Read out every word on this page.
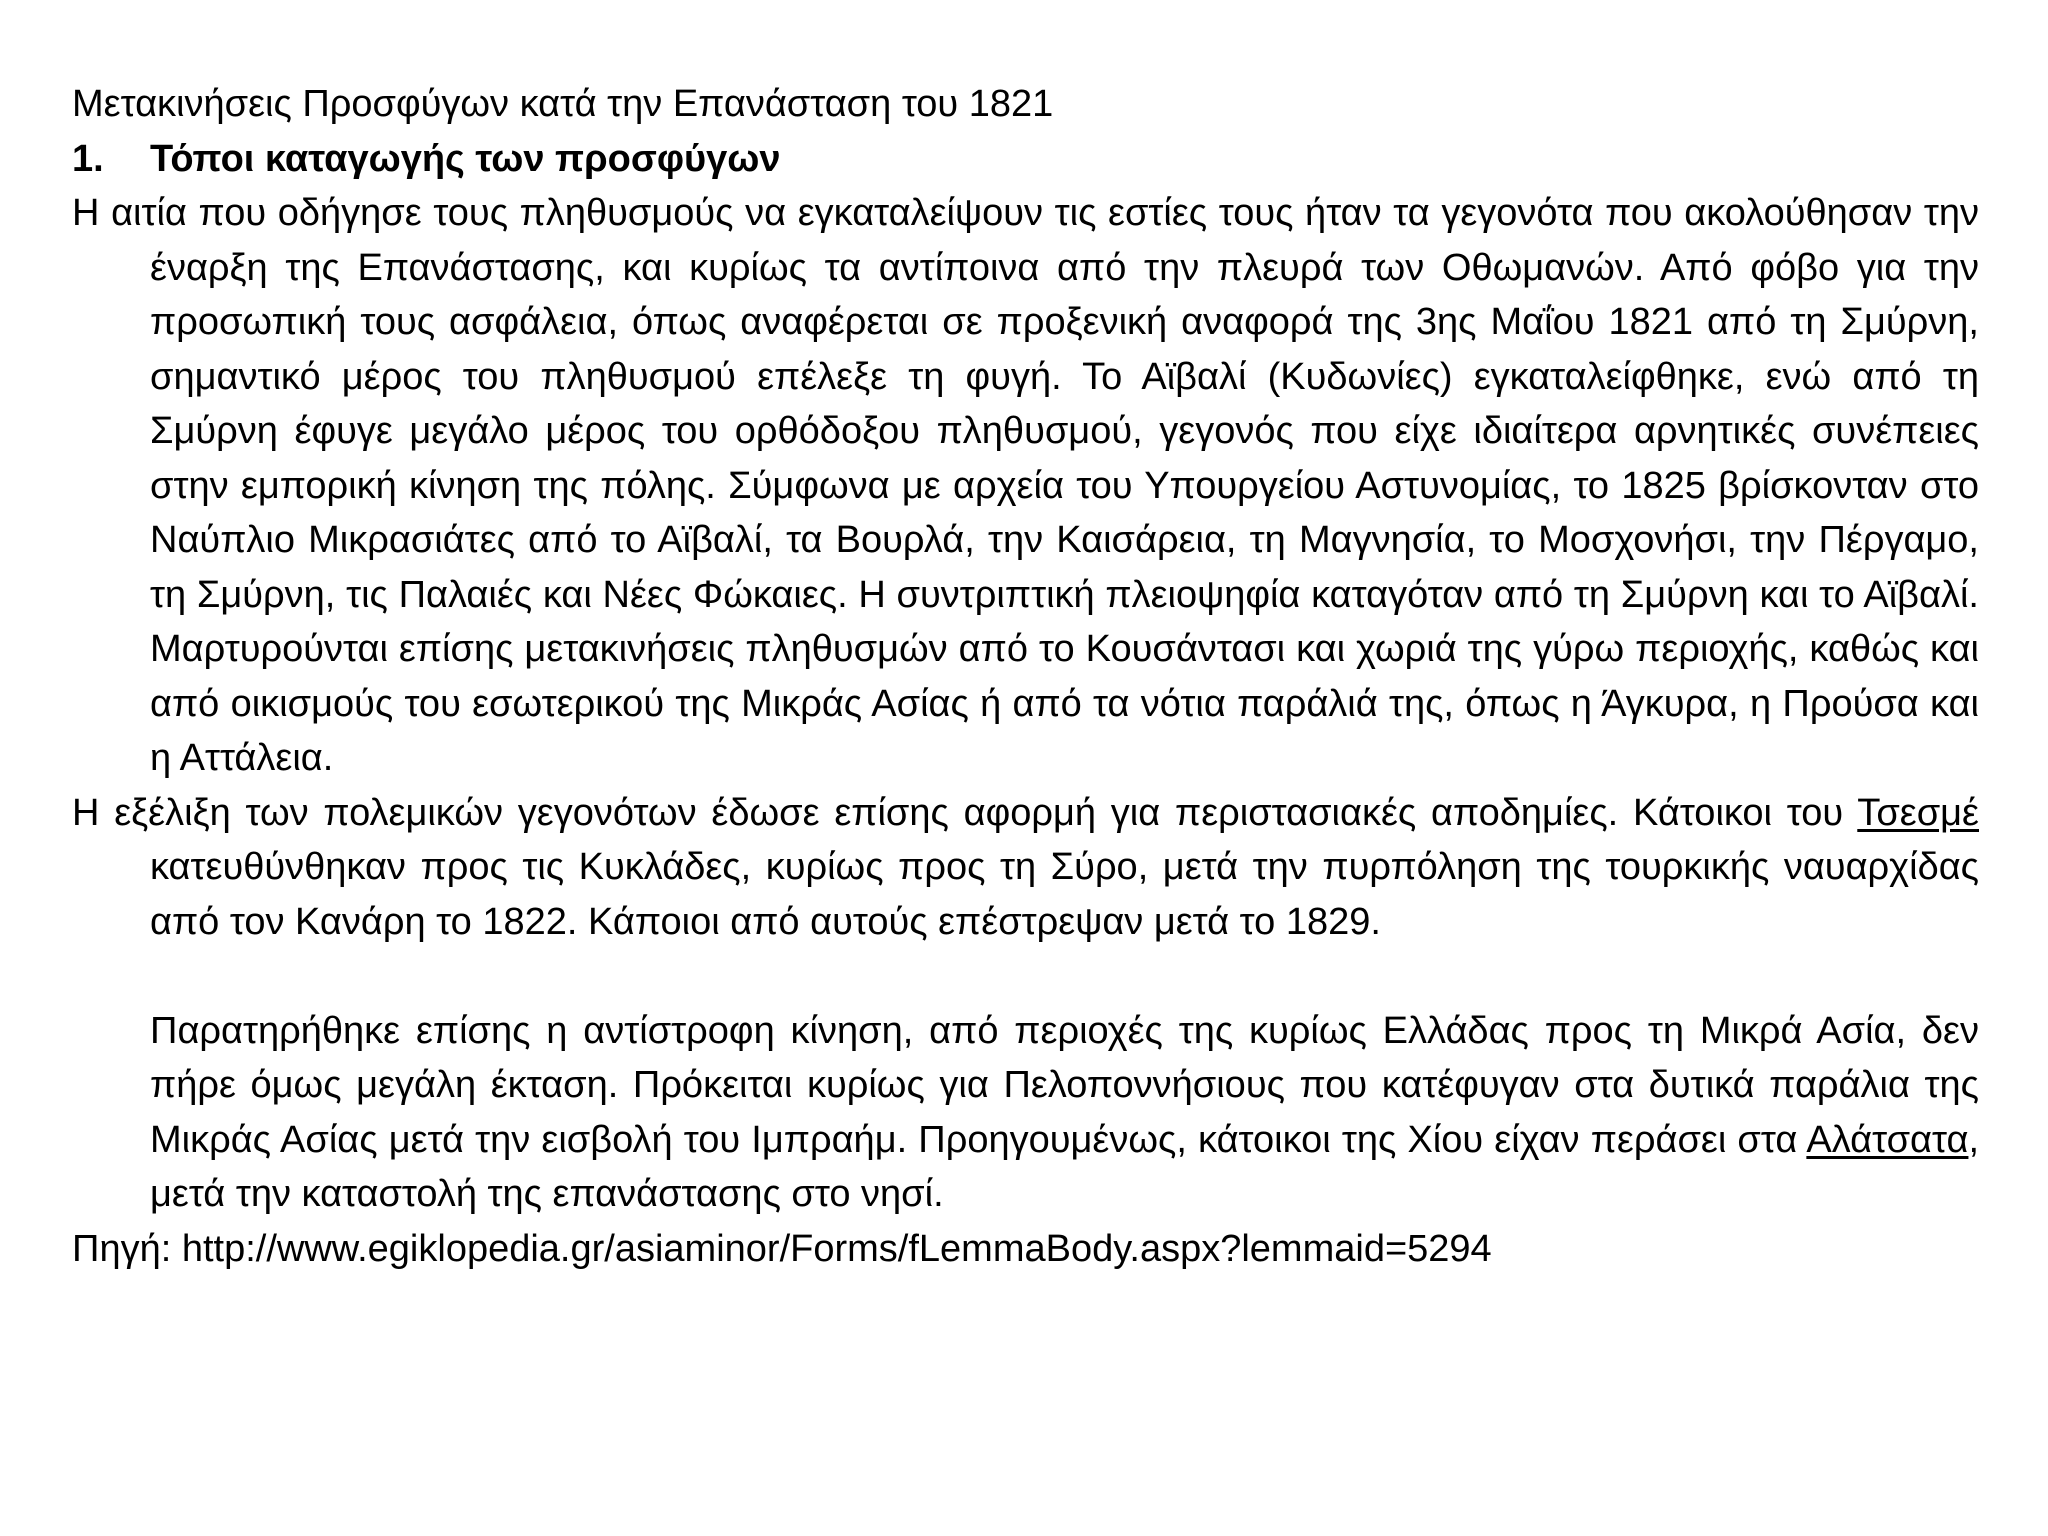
Μετακινήσεις Προσφύγων κατά την Επανάσταση του 1821

1.	Τόποι καταγωγής των προσφύγων

Η αιτία που οδήγησε τους πληθυσμούς να εγκαταλείψουν τις εστίες τους ήταν τα γεγονότα που ακολούθησαν την έναρξη της Επανάστασης, και κυρίως τα αντίποινα από την πλευρά των Οθωμανών. Από φόβο για την προσωπική τους ασφάλεια, όπως αναφέρεται σε προξενική αναφορά της 3ης Μαΐου 1821 από τη Σμύρνη, σημαντικό μέρος του πληθυσμού επέλεξε τη φυγή. Το Αϊβαλί (Κυδωνίες) εγκαταλείφθηκε, ενώ από τη Σμύρνη έφυγε μεγάλο μέρος του ορθόδοξου πληθυσμού, γεγονός που είχε ιδιαίτερα αρνητικές συνέπειες στην εμπορική κίνηση της πόλης. Σύμφωνα με αρχεία του Υπουργείου Αστυνομίας, το 1825 βρίσκονταν στο Ναύπλιο Μικρασιάτες από το Αϊβαλί, τα Βουρλά, την Καισάρεια, τη Μαγνησία, το Μοσχονήσι, την Πέργαμο, τη Σμύρνη, τις Παλαιές και Νέες Φώκαιες. Η συντριπτική πλειοψηφία καταγόταν από τη Σμύρνη και το Αϊβαλί. Μαρτυρούνται επίσης μετακινήσεις πληθυσμών από το Κουσάντασι και χωριά της γύρω περιοχής, καθώς και από οικισμούς του εσωτερικού της Μικράς Ασίας ή από τα νότια παράλιά της, όπως η Άγκυρα, η Προύσα και η Αττάλεια.

Η εξέλιξη των πολεμικών γεγονότων έδωσε επίσης αφορμή για περιστασιακές αποδημίες. Κάτοικοι του Τσεσμέ κατευθύνθηκαν προς τις Κυκλάδες, κυρίως προς τη Σύρο, μετά την πυρπόληση της τουρκικής ναυαρχίδας από τον Κανάρη το 1822. Κάποιοι από αυτούς επέστρεψαν μετά το 1829.

Παρατηρήθηκε επίσης η αντίστροφη κίνηση, από περιοχές της κυρίως Ελλάδας προς τη Μικρά Ασία, δεν πήρε όμως μεγάλη έκταση. Πρόκειται κυρίως για Πελοποννήσιους που κατέφυγαν στα δυτικά παράλια της Μικράς Ασίας μετά την εισβολή του Ιμπραήμ. Προηγουμένως, κάτοικοι της Χίου είχαν περάσει στα Αλάτσατα, μετά την καταστολή της επανάστασης στο νησί.

Πηγή: http://www.egiklopedia.gr/asiaminor/Forms/fLemmaBody.aspx?lemmaid=5294
